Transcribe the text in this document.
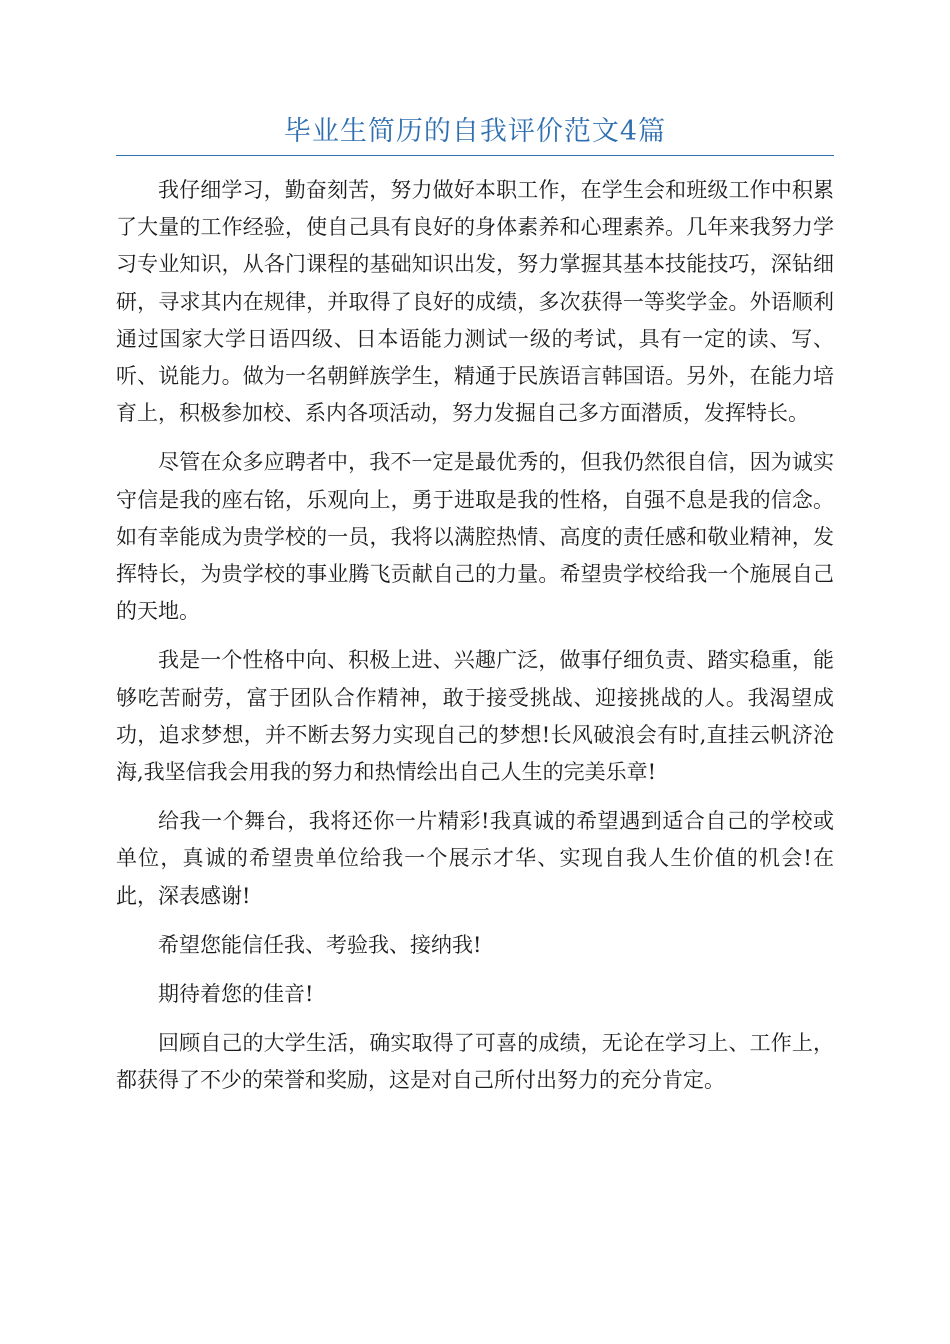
毕业生简历的自我评价范文4篇

我仔细学习，勤奋刻苦，努力做好本职工作，在学生会和班级工作中积累了大量的工作经验，使自己具有良好的身体素养和心理素养。几年来我努力学习专业知识，从各门课程的基础知识出发，努力掌握其基本技能技巧，深钻细研，寻求其内在规律，并取得了良好的成绩，多次获得一等奖学金。外语顺利通过国家大学日语四级、日本语能力测试一级的考试，具有一定的读、写、听、说能力。做为一名朝鲜族学生，精通于民族语言韩国语。另外，在能力培育上，积极参加校、系内各项活动，努力发掘自己多方面潜质，发挥特长。

尽管在众多应聘者中，我不一定是最优秀的，但我仍然很自信，因为诚实守信是我的座右铭，乐观向上，勇于进取是我的性格，自强不息是我的信念。如有幸能成为贵学校的一员，我将以满腔热情、高度的责任感和敬业精神，发挥特长，为贵学校的事业腾飞贡献自己的力量。希望贵学校给我一个施展自己的天地。

我是一个性格中向、积极上进、兴趣广泛，做事仔细负责、踏实稳重，能够吃苦耐劳，富于团队合作精神，敢于接受挑战、迎接挑战的人。我渴望成功，追求梦想，并不断去努力实现自己的梦想!长风破浪会有时,直挂云帆济沧海,我坚信我会用我的努力和热情绘出自己人生的完美乐章!

给我一个舞台，我将还你一片精彩!我真诚的希望遇到适合自己的学校或单位，真诚的希望贵单位给我一个展示才华、实现自我人生价值的机会!在此，深表感谢!

希望您能信任我、考验我、接纳我!

期待着您的佳音!

回顾自己的大学生活，确实取得了可喜的成绩，无论在学习上、工作上，都获得了不少的荣誉和奖励，这是对自己所付出努力的充分肯定。
